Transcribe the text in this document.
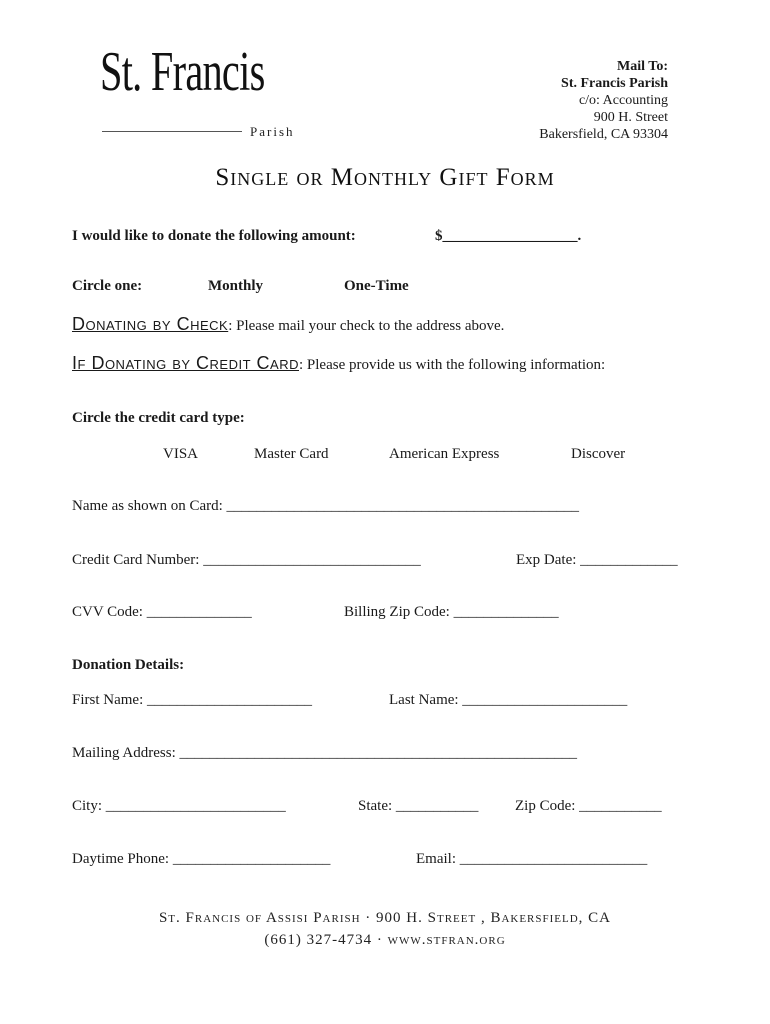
St. Francis
Parish
Mail To:
St. Francis Parish
c/o: Accounting
900 H. Street
Bakersfield, CA 93304
Single or Monthly Gift Form
I would like to donate the following amount:	$__________________.
Circle one:	Monthly	One-Time
Donating by Check: Please mail your check to the address above.
If Donating by Credit Card: Please provide us with the following information:
Circle the credit card type:
VISA	Master Card	American Express	Discover
Name as shown on Card: _______________________________________________
Credit Card Number: _____________________________	Exp Date: _____________
CVV Code: ______________	Billing Zip Code: ______________
Donation Details:
First Name: ______________________	Last Name: ______________________
Mailing Address: _____________________________________________________
City: ________________________	State: ___________ Zip Code: ___________
Daytime Phone: _____________________	Email: _________________________
St. Francis of Assisi Parish · 900 H. Street , Bakersfield, CA
(661) 327-4734 · www.stfran.org
